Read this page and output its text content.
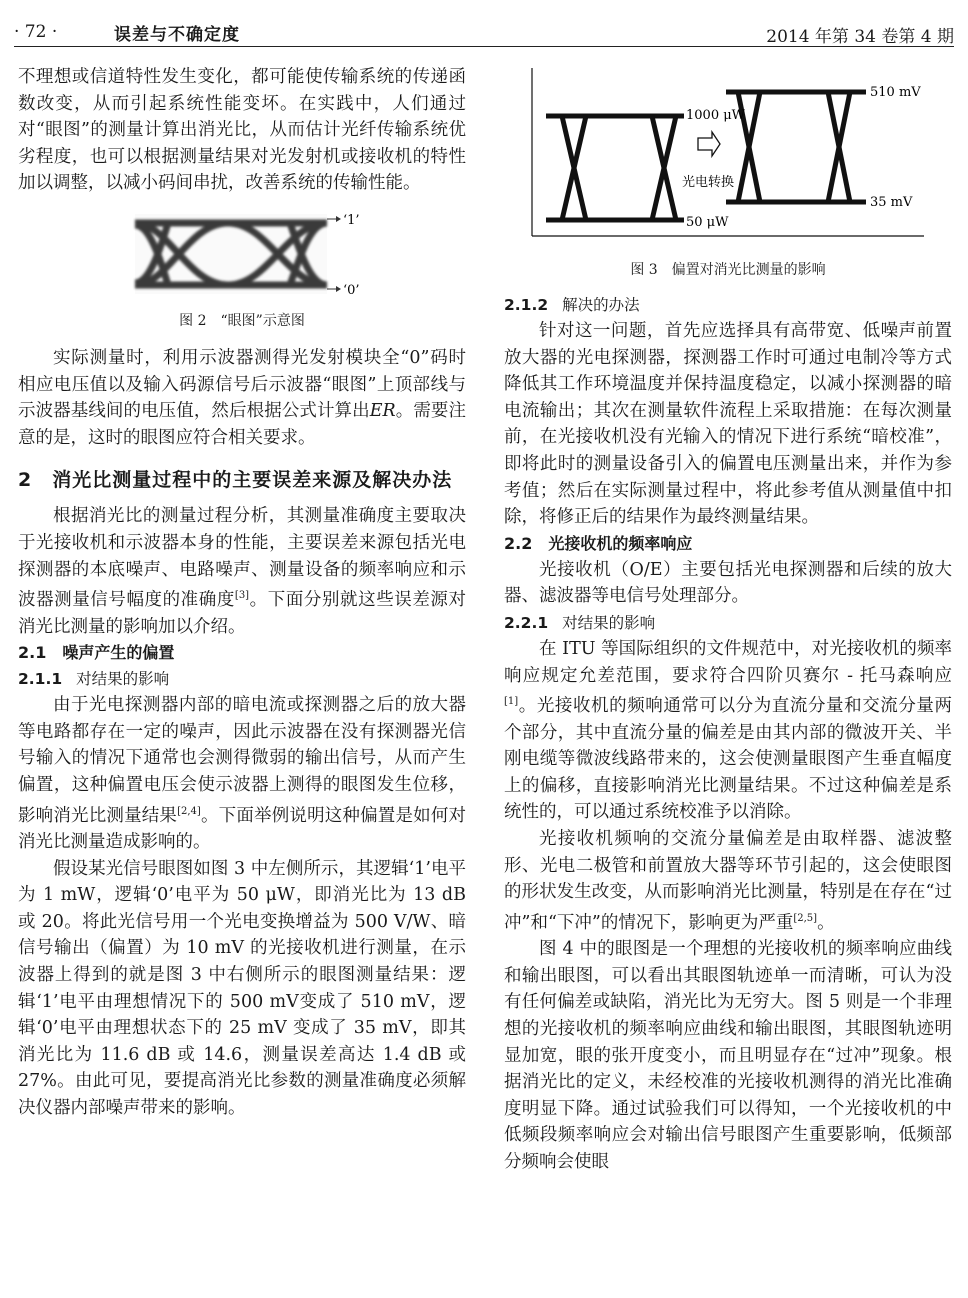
· 72 ·	误差与不确定度	2014 年第 34 卷第 4 期

不理想或信道特性发生变化，都可能使传输系统的传递函数改变，从而引起系统性能变坏。在实践中，人们通过对“眼图”的测量计算出消光比，从而估计光纤传输系统优劣程度，也可以根据测量结果对光发射机或接收机的特性加以调整，以减小码间串扰，改善系统的传输性能。

‘1’
‘0’
图 2　“眼图”示意图

实际测量时，利用示波器测得光发射模块全“0”码时相应电压值以及输入码源信号后示波器“眼图”上顶部线与示波器基线间的电压值，然后根据公式计算出ER。需要注意的是，这时的眼图应符合相关要求。

2　消光比测量过程中的主要误差来源及解决办法

根据消光比的测量过程分析，其测量准确度主要取决于光接收机和示波器本身的性能，主要误差来源包括光电探测器的本底噪声、电路噪声、测量设备的频率响应和示波器测量信号幅度的准确度[3]。下面分别就这些误差源对消光比测量的影响加以介绍。

2.1　噪声产生的偏置
2.1.1 对结果的影响

由于光电探测器内部的暗电流或探测器之后的放大器等电路都存在一定的噪声，因此示波器在没有探测器光信号输入的情况下通常也会测得微弱的输出信号，从而产生偏置，这种偏置电压会使示波器上测得的眼图发生位移，影响消光比测量结果[2,4]。下面举例说明这种偏置是如何对消光比测量造成影响的。

假设某光信号眼图如图 3 中左侧所示，其逻辑‘1’电平为 1 mW，逻辑‘0’电平为 50 μW，即消光比为 13 dB 或 20。将此光信号用一个光电变换增益为 500 V/W、暗信号输出（偏置）为 10 mV 的光接收机进行测量，在示波器上得到的就是图 3 中右侧所示的眼图测量结果：逻辑‘1’电平由理想情况下的 500 mV变成了 510 mV，逻辑‘0’电平由理想状态下的 25 mV 变成了 35 mV，即其消光比为 11.6 dB 或 14.6，测量误差高达 1.4 dB 或 27%。由此可见，要提高消光比参数的测量准确度必须解决仪器内部噪声带来的影响。

1000 μW
50 μW
510 mV
35 mV
光电转换
图 3　偏置对消光比测量的影响
2.1.2 解决的办法

针对这一问题，首先应选择具有高带宽、低噪声前置放大器的光电探测器，探测器工作时可通过电制冷等方式降低其工作环境温度并保持温度稳定，以减小探测器的暗电流输出；其次在测量软件流程上采取措施：在每次测量前，在光接收机没有光输入的情况下进行系统“暗校准”，即将此时的测量设备引入的偏置电压测量出来，并作为参考值；然后在实际测量过程中，将此参考值从测量值中扣除，将修正后的结果作为最终测量结果。

2.2　光接收机的频率响应

光接收机（O/E）主要包括光电探测器和后续的放大器、滤波器等电信号处理部分。

2.2.1 对结果的影响

在 ITU 等国际组织的文件规范中，对光接收机的频率响应规定允差范围，要求符合四阶贝赛尔 - 托马森响应[1]。光接收机的频响通常可以分为直流分量和交流分量两个部分，其中直流分量的偏差是由其内部的微波开关、半刚电缆等微波线路带来的，这会使测量眼图产生垂直幅度上的偏移，直接影响消光比测量结果。不过这种偏差是系统性的，可以通过系统校准予以消除。

光接收机频响的交流分量偏差是由取样器、滤波整形、光电二极管和前置放大器等环节引起的，这会使眼图的形状发生改变，从而影响消光比测量，特别是在存在“过冲”和“下冲”的情况下，影响更为严重[2,5]。

图 4 中的眼图是一个理想的光接收机的频率响应曲线和输出眼图，可以看出其眼图轨迹单一而清晰，可认为没有任何偏差或缺陷，消光比为无穷大。图 5 则是一个非理想的光接收机的频率响应曲线和输出眼图，其眼图轨迹明显加宽，眼的张开度变小，而且明显存在“过冲”现象。根据消光比的定义，未经校准的光接收机测得的消光比准确度明显下降。通过试验我们可以得知，一个光接收机的中低频段频率响应会对输出信号眼图产生重要影响，低频部分频响会使眼
